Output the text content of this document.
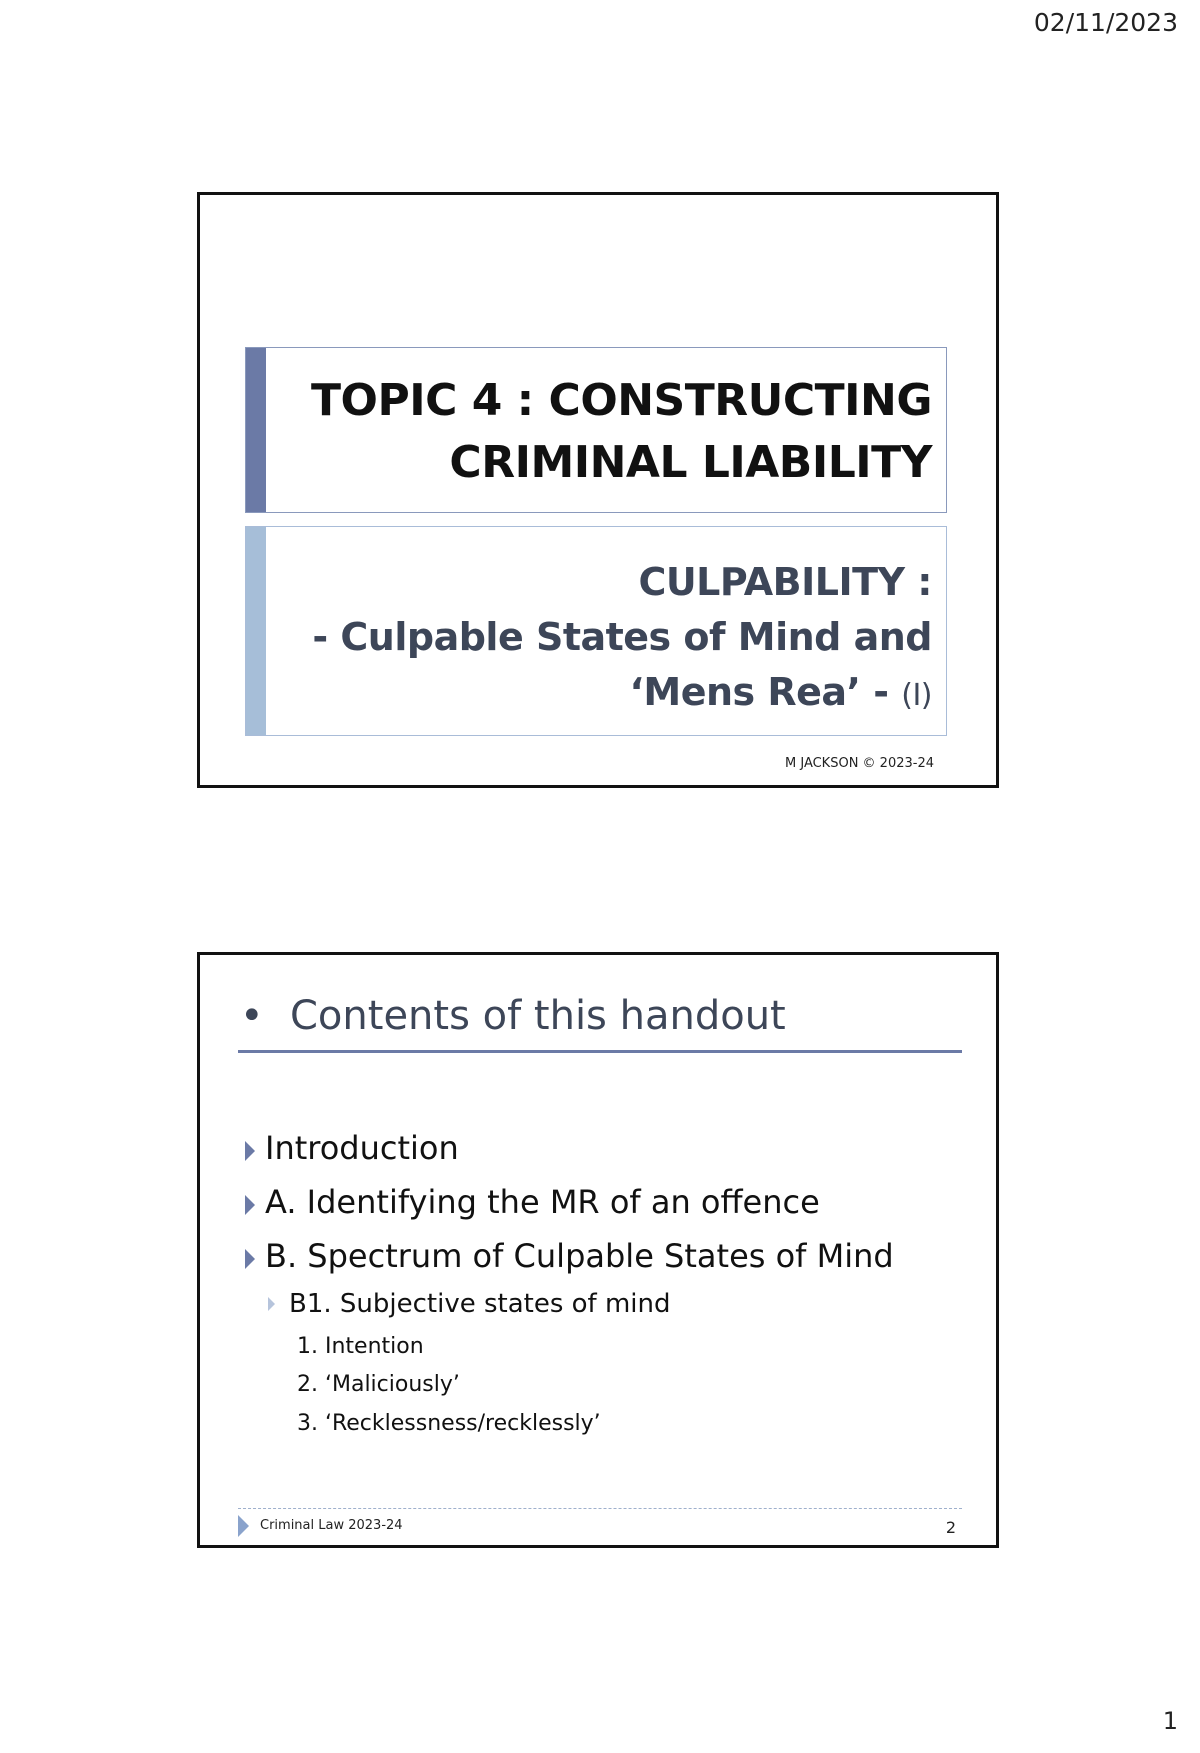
02/11/2023
TOPIC 4 : CONSTRUCTING
CRIMINAL LIABILITY
CULPABILITY :
- Culpable States of Mind and
‘Mens Rea’ - (I)
M JACKSON © 2023-24
• Contents of this handout
Introduction
A. Identifying the MR of an offence
B. Spectrum of Culpable States of Mind
B1. Subjective states of mind
1. Intention
2. ‘Maliciously’
3. ‘Recklessness/recklessly’
Criminal Law 2023-24	2
1
